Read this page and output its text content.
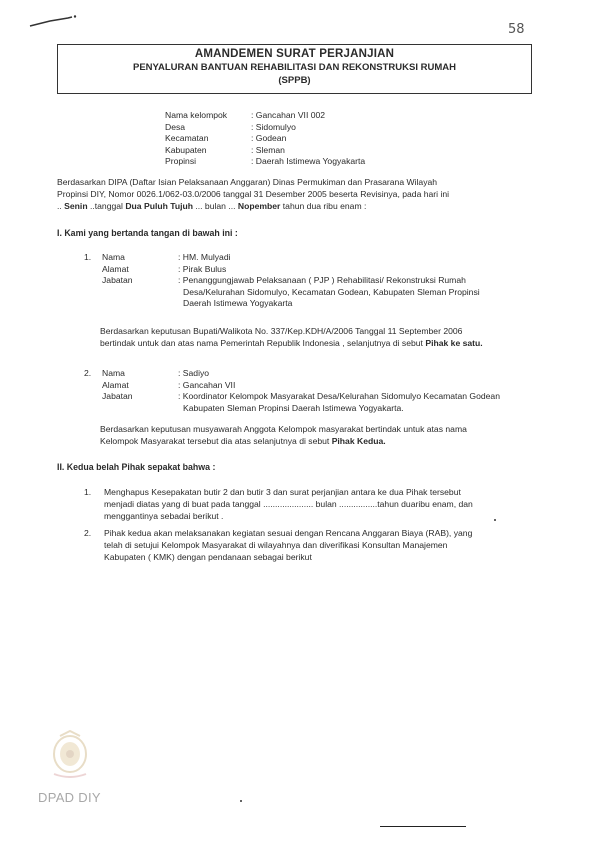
58
AMANDEMEN SURAT PERJANJIAN
PENYALURAN BANTUAN REHABILITASI DAN REKONSTRUKSI RUMAH
(SPPB)
Nama kelompok	: Gancahan VII 002
Desa	: Sidomulyo
Kecamatan	: Godean
Kabupaten	: Sleman
Propinsi	: Daerah Istimewa Yogyakarta
Berdasarkan DIPA (Daftar Isian Pelaksanaan Anggaran) Dinas Permukiman dan Prasarana Wilayah
Propinsi DIY, Nomor 0026.1/062-03.0/2006 tanggal 31 Desember 2005 beserta Revisinya, pada hari ini
.. Senin ..tanggal Dua Puluh Tujuh ... bulan ... Nopember tahun dua ribu enam :
I. Kami yang bertanda tangan di bawah ini :
1.	Nama	: HM. Mulyadi
Alamat	: Pirak Bulus
Jabatan	: Penanggungjawab Pelaksanaan ( PJP ) Rehabilitasi/ Rekonstruksi Rumah
Desa/Kelurahan Sidomulyo, Kecamatan Godean, Kabupaten Sleman Propinsi
Daerah Istimewa Yogyakarta
Berdasarkan keputusan Bupati/Walikota No. 337/Kep.KDH/A/2006 Tanggal 11 September 2006
bertindak untuk dan atas nama Pemerintah Republik Indonesia , selanjutnya di sebut Pihak ke satu.
2.	Nama	: Sadiyo
Alamat	: Gancahan VII
Jabatan	: Koordinator Kelompok Masyarakat Desa/Kelurahan Sidomulyo Kecamatan Godean
Kabupaten Sleman Propinsi Daerah Istimewa Yogyakarta.
Berdasarkan keputusan musyawarah Anggota Kelompok masyarakat bertindak untuk atas nama
Kelompok Masyarakat tersebut dia atas selanjutnya di sebut Pihak Kedua.
II. Kedua belah Pihak sepakat bahwa :
1.	Menghapus Kesepakatan butir 2 dan butir 3 dan surat perjanjian antara ke dua Pihak tersebut
menjadi diatas yang di buat pada tanggal ..................... bulan ................tahun duaribu enam, dan
menggantinya sebadai berikut .
2.	Pihak kedua akan melaksanakan kegiatan sesuai dengan Rencana Anggaran Biaya (RAB), yang
telah di setujui Kelompok Masyarakat di wilayahnya dan diverifikasi Konsultan Manajemen
Kabupaten ( KMK) dengan pendanaan sebagai berikut
DPAD DIY
